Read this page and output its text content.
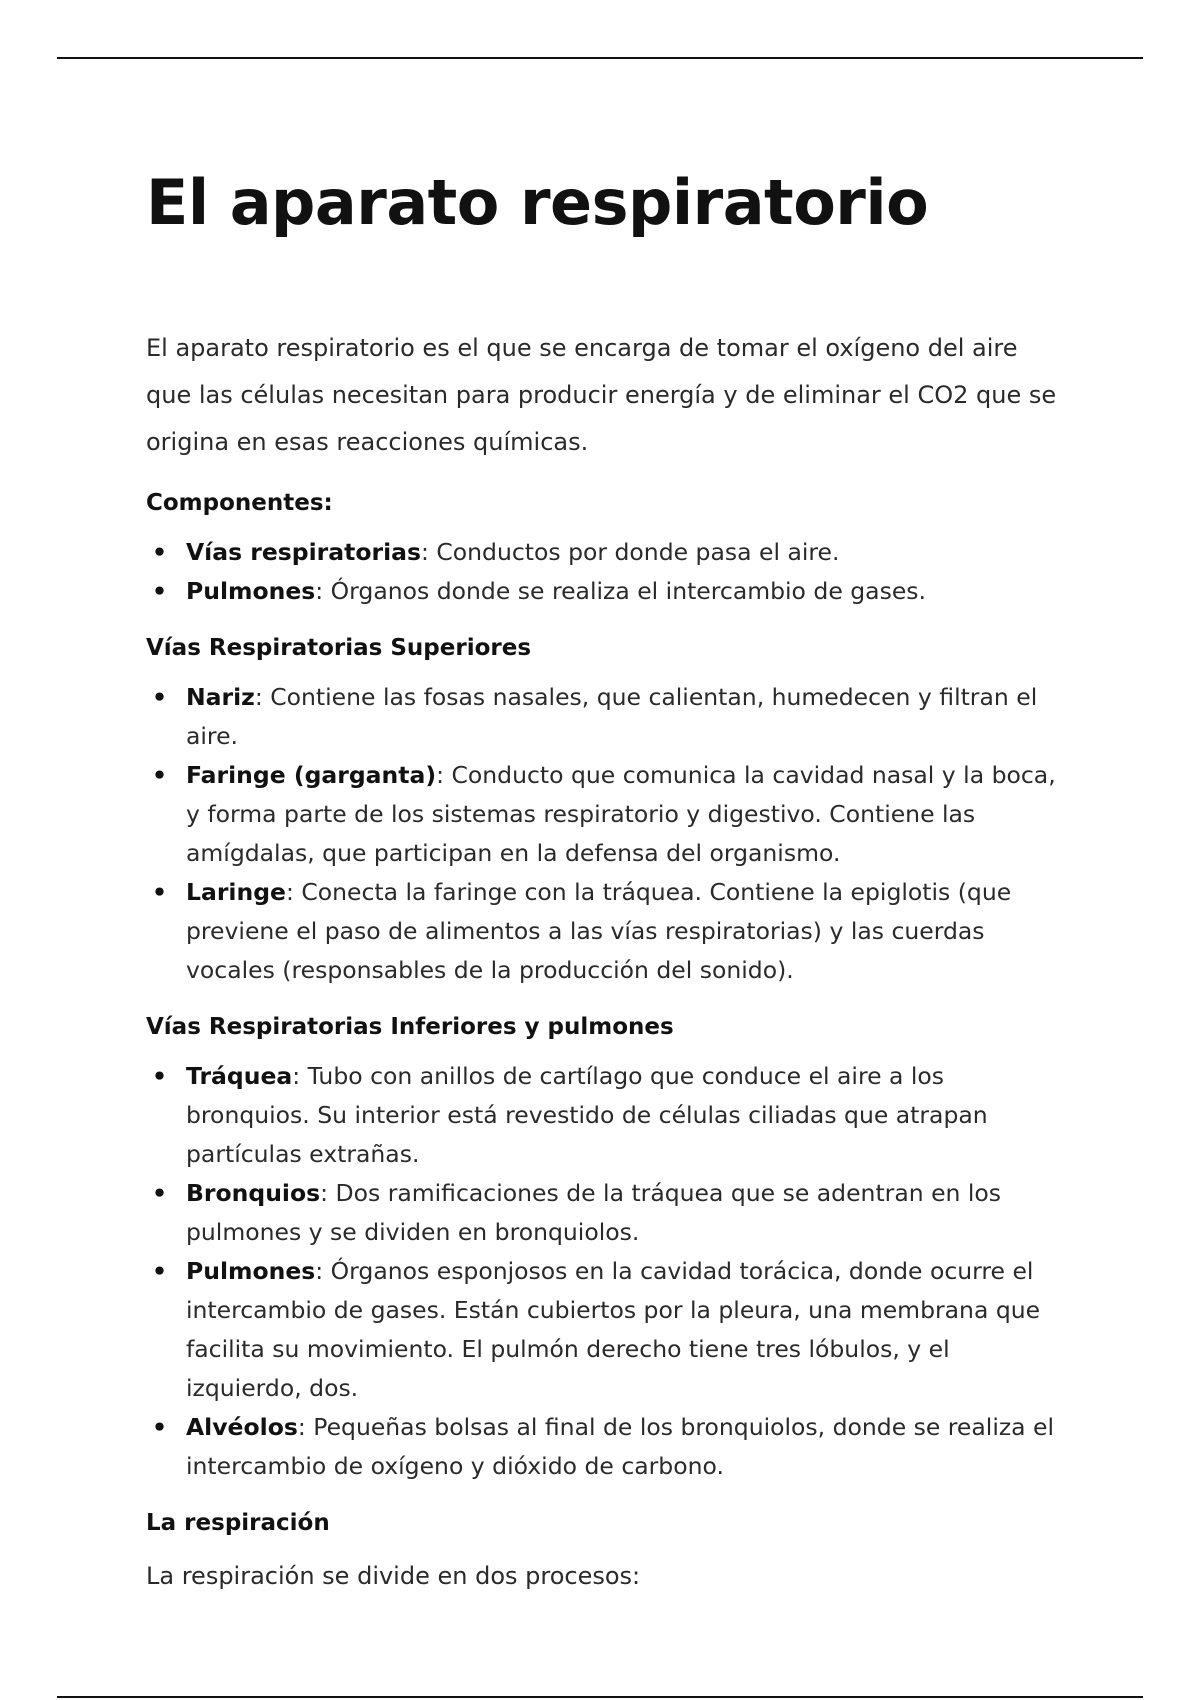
El aparato respiratorio

El aparato respiratorio es el que se encarga de tomar el oxígeno del aire que las células necesitan para producir energía y de eliminar el CO2 que se origina en esas reacciones químicas.

Componentes:
• Vías respiratorias: Conductos por donde pasa el aire.
• Pulmones: Órganos donde se realiza el intercambio de gases.
Vías Respiratorias Superiores
• Nariz: Contiene las fosas nasales, que calientan, humedecen y filtran el aire.
• Faringe (garganta): Conducto que comunica la cavidad nasal y la boca, y forma parte de los sistemas respiratorio y digestivo. Contiene las amígdalas, que participan en la defensa del organismo.
• Laringe: Conecta la faringe con la tráquea. Contiene la epiglotis (que previene el paso de alimentos a las vías respiratorias) y las cuerdas vocales (responsables de la producción del sonido).
Vías Respiratorias Inferiores y pulmones
• Tráquea: Tubo con anillos de cartílago que conduce el aire a los bronquios. Su interior está revestido de células ciliadas que atrapan partículas extrañas.
• Bronquios: Dos ramificaciones de la tráquea que se adentran en los pulmones y se dividen en bronquiolos.
• Pulmones: Órganos esponjosos en la cavidad torácica, donde ocurre el intercambio de gases. Están cubiertos por la pleura, una membrana que facilita su movimiento. El pulmón derecho tiene tres lóbulos, y el izquierdo, dos.
• Alvéolos: Pequeñas bolsas al final de los bronquiolos, donde se realiza el intercambio de oxígeno y dióxido de carbono.
La respiración

La respiración se divide en dos procesos:
